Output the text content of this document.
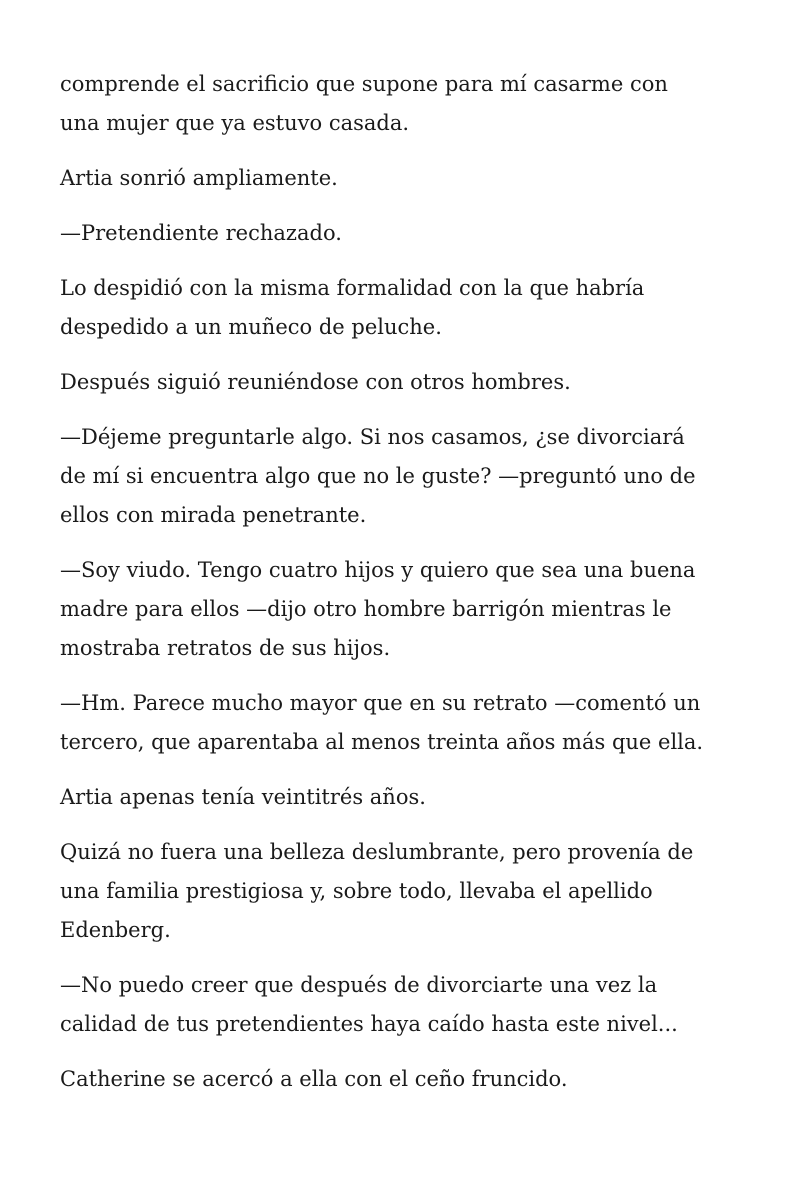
comprende el sacrificio que supone para mí casarme con
una mujer que ya estuvo casada.

Artia sonrió ampliamente.

—Pretendiente rechazado.

Lo despidió con la misma formalidad con la que habría
despedido a un muñeco de peluche.

Después siguió reuniéndose con otros hombres.

—Déjeme preguntarle algo. Si nos casamos, ¿se divorciará
de mí si encuentra algo que no le guste? —preguntó uno de
ellos con mirada penetrante.

—Soy viudo. Tengo cuatro hijos y quiero que sea una buena
madre para ellos —dijo otro hombre barrigón mientras le
mostraba retratos de sus hijos.

—Hm. Parece mucho mayor que en su retrato —comentó un
tercero, que aparentaba al menos treinta años más que ella.

Artia apenas tenía veintitrés años.

Quizá no fuera una belleza deslumbrante, pero provenía de
una familia prestigiosa y, sobre todo, llevaba el apellido
Edenberg.

—No puedo creer que después de divorciarte una vez la
calidad de tus pretendientes haya caído hasta este nivel...

Catherine se acercó a ella con el ceño fruncido.
